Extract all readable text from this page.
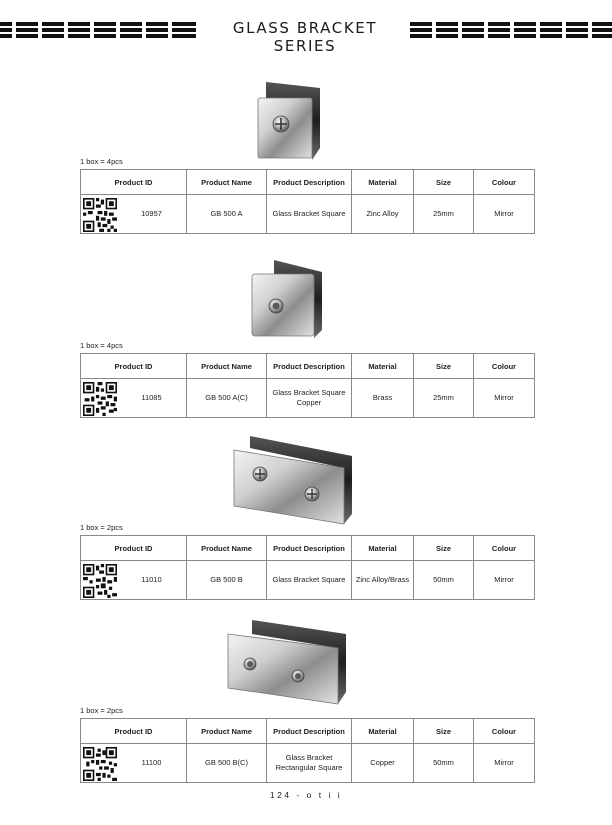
GLASS BRACKET SERIES
1 box = 4pcs
Product ID	Product Name	Product Description	Material	Size	Colour

10957	GB 500 A	Glass Bracket Square	Zinc Alloy	25mm	Mirror
1 box = 4pcs
Product ID	Product Name	Product Description	Material	Size	Colour

11085	GB 500 A(C)	Glass Bracket Square Copper	Brass	25mm	Mirror
1 box = 2pcs
Product ID	Product Name	Product Description	Material	Size	Colour

11010	GB 500 B	Glass Bracket Square	Zinc Alloy/Brass	50mm	Mirror
1 box = 2pcs
Product ID	Product Name	Product Description	Material	Size	Colour

11100	GB 500 B(C)	Glass Bracket Rectangular Square	Copper	50mm	Mirror
124 - o t i i
